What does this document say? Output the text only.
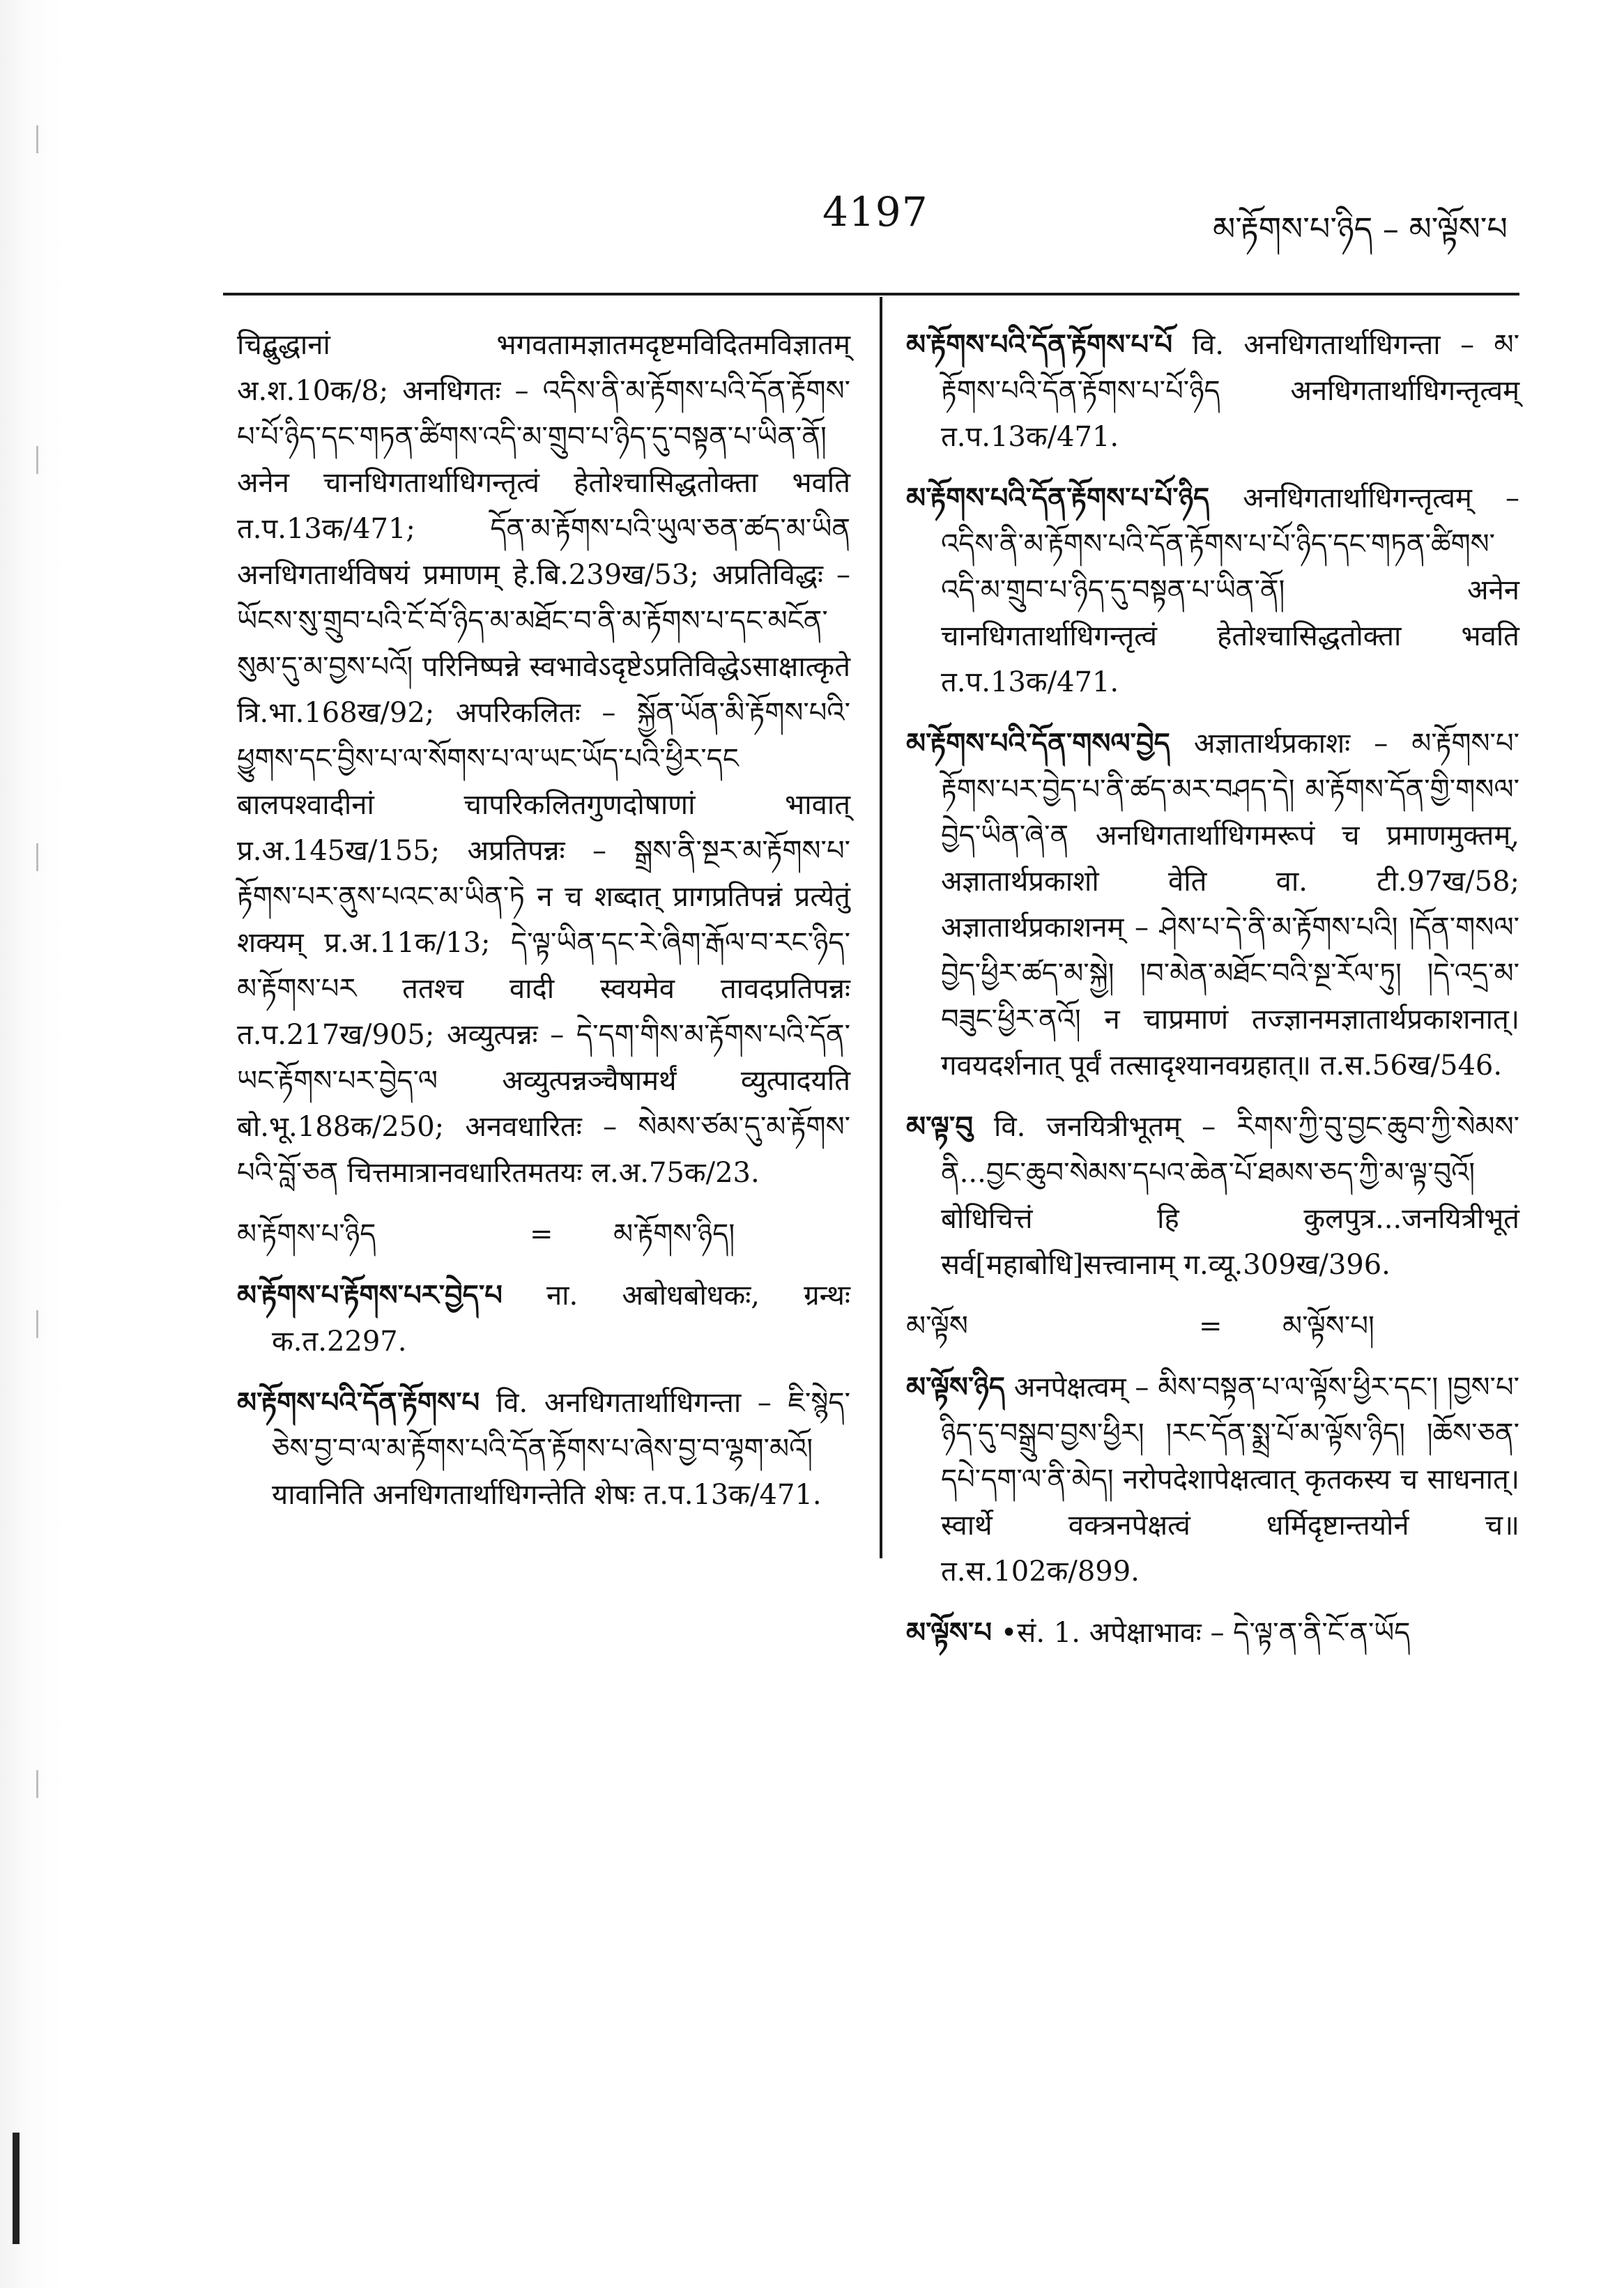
4197	མ་རྟོགས་པ་ཉིད – མ་ལྟོས་པ

चिद्बुद्धानां भगवतामज्ञातमदृष्टमविदितमविज्ञातम् अ.श.10क/8; अनधिगतः – འདིས་ནི་མ་རྟོགས་པའི་དོན་རྟོགས་པ་པོ་ཉིད་དང་གཏན་ཚིགས་འདི་མ་གྲུབ་པ་ཉིད་དུ་བསྟན་པ་ཡིན་ནོ། अनेन चानधिगतार्थाधिगन्तृत्वं हेतोश्चासिद्धतोक्ता भवति त.प.13क/471; དོན་མ་རྟོགས་པའི་ཡུལ་ཅན་ཚད་མ་ཡིན अनधिगतार्थविषयं प्रमाणम् हे.बि.239ख/53; अप्रतिविद्धः – ཡོངས་སུ་གྲུབ་པའི་ངོ་བོ་ཉིད་མ་མཐོང་བ་ནི་མ་རྟོགས་པ་དང་མངོན་སུམ་དུ་མ་བྱས་པའོ། परिनिष्पन्ने स्वभावेऽदृष्टेऽप्रतिविद्धेऽसाक्षात्कृते त्रि.भा.168ख/92; अपरिकलितः – སྐྱོན་ཡོན་མི་རྟོགས་པའི་ཕྱུགས་དང་བྱིས་པ་ལ་སོགས་པ་ལ་ཡང་ཡོད་པའི་ཕྱིར་དང बालपश्वादीनां चापरिकलितगुणदोषाणां भावात् प्र.अ.145ख/155; अप्रतिपन्नः – སྒྲས་ནི་སྔར་མ་རྟོགས་པ་རྟོགས་པར་ནུས་པའང་མ་ཡིན་ཏེ न च शब्दात् प्रागप्रतिपन्नं प्रत्येतुं शक्यम् प्र.अ.11क/13; དེ་ལྟ་ཡིན་དང་རེ་ཞིག་རྒོལ་བ་རང་ཉིད་མ་རྟོགས་པར ततश्च वादी स्वयमेव तावदप्रतिपन्नः त.प.217ख/905; अव्युत्पन्नः – དེ་དག་གིས་མ་རྟོགས་པའི་དོན་ཡང་རྟོགས་པར་བྱེད་ལ अव्युत्पन्नञ्चैषामर्थं व्युत्पादयति बो.भू.188क/250; अनवधारितः – སེམས་ཙམ་དུ་མ་རྟོགས་པའི་བློ་ཅན चित्तमात्रानवधारितमतयः ल.अ.75क/23.

མ་རྟོགས་པ་ཉིད	=	མ་རྟོགས་ཉིད།

མ་རྟོགས་པ་རྟོགས་པར་བྱེད་པ ना. अबोधबोधकः, ग्रन्थः क.त.2297.

མ་རྟོགས་པའི་དོན་རྟོགས་པ वि. अनधिगतार्थाधिगन्ता – ཇི་སྙེད་ཅེས་བྱ་བ་ལ་མ་རྟོགས་པའི་དོན་རྟོགས་པ་ཞེས་བྱ་བ་ལྷག་མའོ། यावानिति अनधिगतार्थाधिगन्तेति शेषः त.प.13क/471.

མ་རྟོགས་པའི་དོན་རྟོགས་པ་པོ वि. अनधिगतार्थाधिगन्ता – མ་རྟོགས་པའི་དོན་རྟོགས་པ་པོ་ཉིད अनधिगतार्थाधिगन्तृत्वम् त.प.13क/471.

མ་རྟོགས་པའི་དོན་རྟོགས་པ་པོ་ཉིད अनधिगतार्थाधिगन्तृत्वम् – འདིས་ནི་མ་རྟོགས་པའི་དོན་རྟོགས་པ་པོ་ཉིད་དང་གཏན་ཚིགས་འདི་མ་གྲུབ་པ་ཉིད་དུ་བསྟན་པ་ཡིན་ནོ། अनेन चानधिगतार्थाधिगन्तृत्वं हेतोश्चासिद्धतोक्ता भवति त.प.13क/471.

མ་རྟོགས་པའི་དོན་གསལ་བྱེད अज्ञातार्थप्रकाशः – མ་རྟོགས་པ་རྟོགས་པར་བྱེད་པ་ནི་ཚད་མར་བཤད་དེ། མ་རྟོགས་དོན་གྱི་གསལ་བྱེད་ཡིན་ཞེ་ན अनधिगतार्थाधिगमरूपं च प्रमाणमुक्तम्, अज्ञातार्थप्रकाशो वेति वा. टी.97ख/58; अज्ञातार्थप्रकाशनम् – ཤེས་པ་དེ་ནི་མ་རྟོགས་པའི། །དོན་གསལ་བྱེད་ཕྱིར་ཚད་མ་སྐྱེ། །བ་མེན་མཐོང་བའི་སྔ་རོལ་ཏུ། །དེ་འདྲ་མ་བཟུང་ཕྱིར་ནའོ། न चाप्रमाणं तज्ज्ञानमज्ञातार्थप्रकाशनात्। गवयदर्शनात् पूर्वं तत्सादृश्यानवग्रहात्॥ त.स.56ख/546.

མ་ལྟ་བུ वि. जनयित्रीभूतम् – རིགས་ཀྱི་བུ་བྱང་ཆུབ་ཀྱི་སེམས་ནི...བྱང་ཆུབ་སེམས་དཔའ་ཆེན་པོ་ཐམས་ཅད་ཀྱི་མ་ལྟ་བུའོ། बोधिचित्तं हि कुलपुत्र...जनयित्रीभूतं सर्व[महाबोधि]सत्त्वानाम् ग.व्यू.309ख/396.

མ་ལྟོས	=	མ་ལྟོས་པ།

མ་ལྟོས་ཉིད अनपेक्षत्वम् – མིས་བསྟན་པ་ལ་ལྟོས་ཕྱིར་དང་། །བྱས་པ་ཉིད་དུ་བསྒྲུབ་བྱས་ཕྱིར། །རང་དོན་སྨྲ་པོ་མ་ལྟོས་ཉིད། །ཆོས་ཅན་དཔེ་དག་ལ་ནི་མེད། नरोपदेशापेक्षत्वात् कृतकस्य च साधनात्। स्वार्थे वक्त्रनपेक्षत्वं धर्मिदृष्टान्तयोर्न च॥ त.स.102क/899.

མ་ལྟོས་པ •सं. 1. अपेक्षाभावः – དེ་ལྟ་ན་ནི་ངོ་ན་ཡོད
